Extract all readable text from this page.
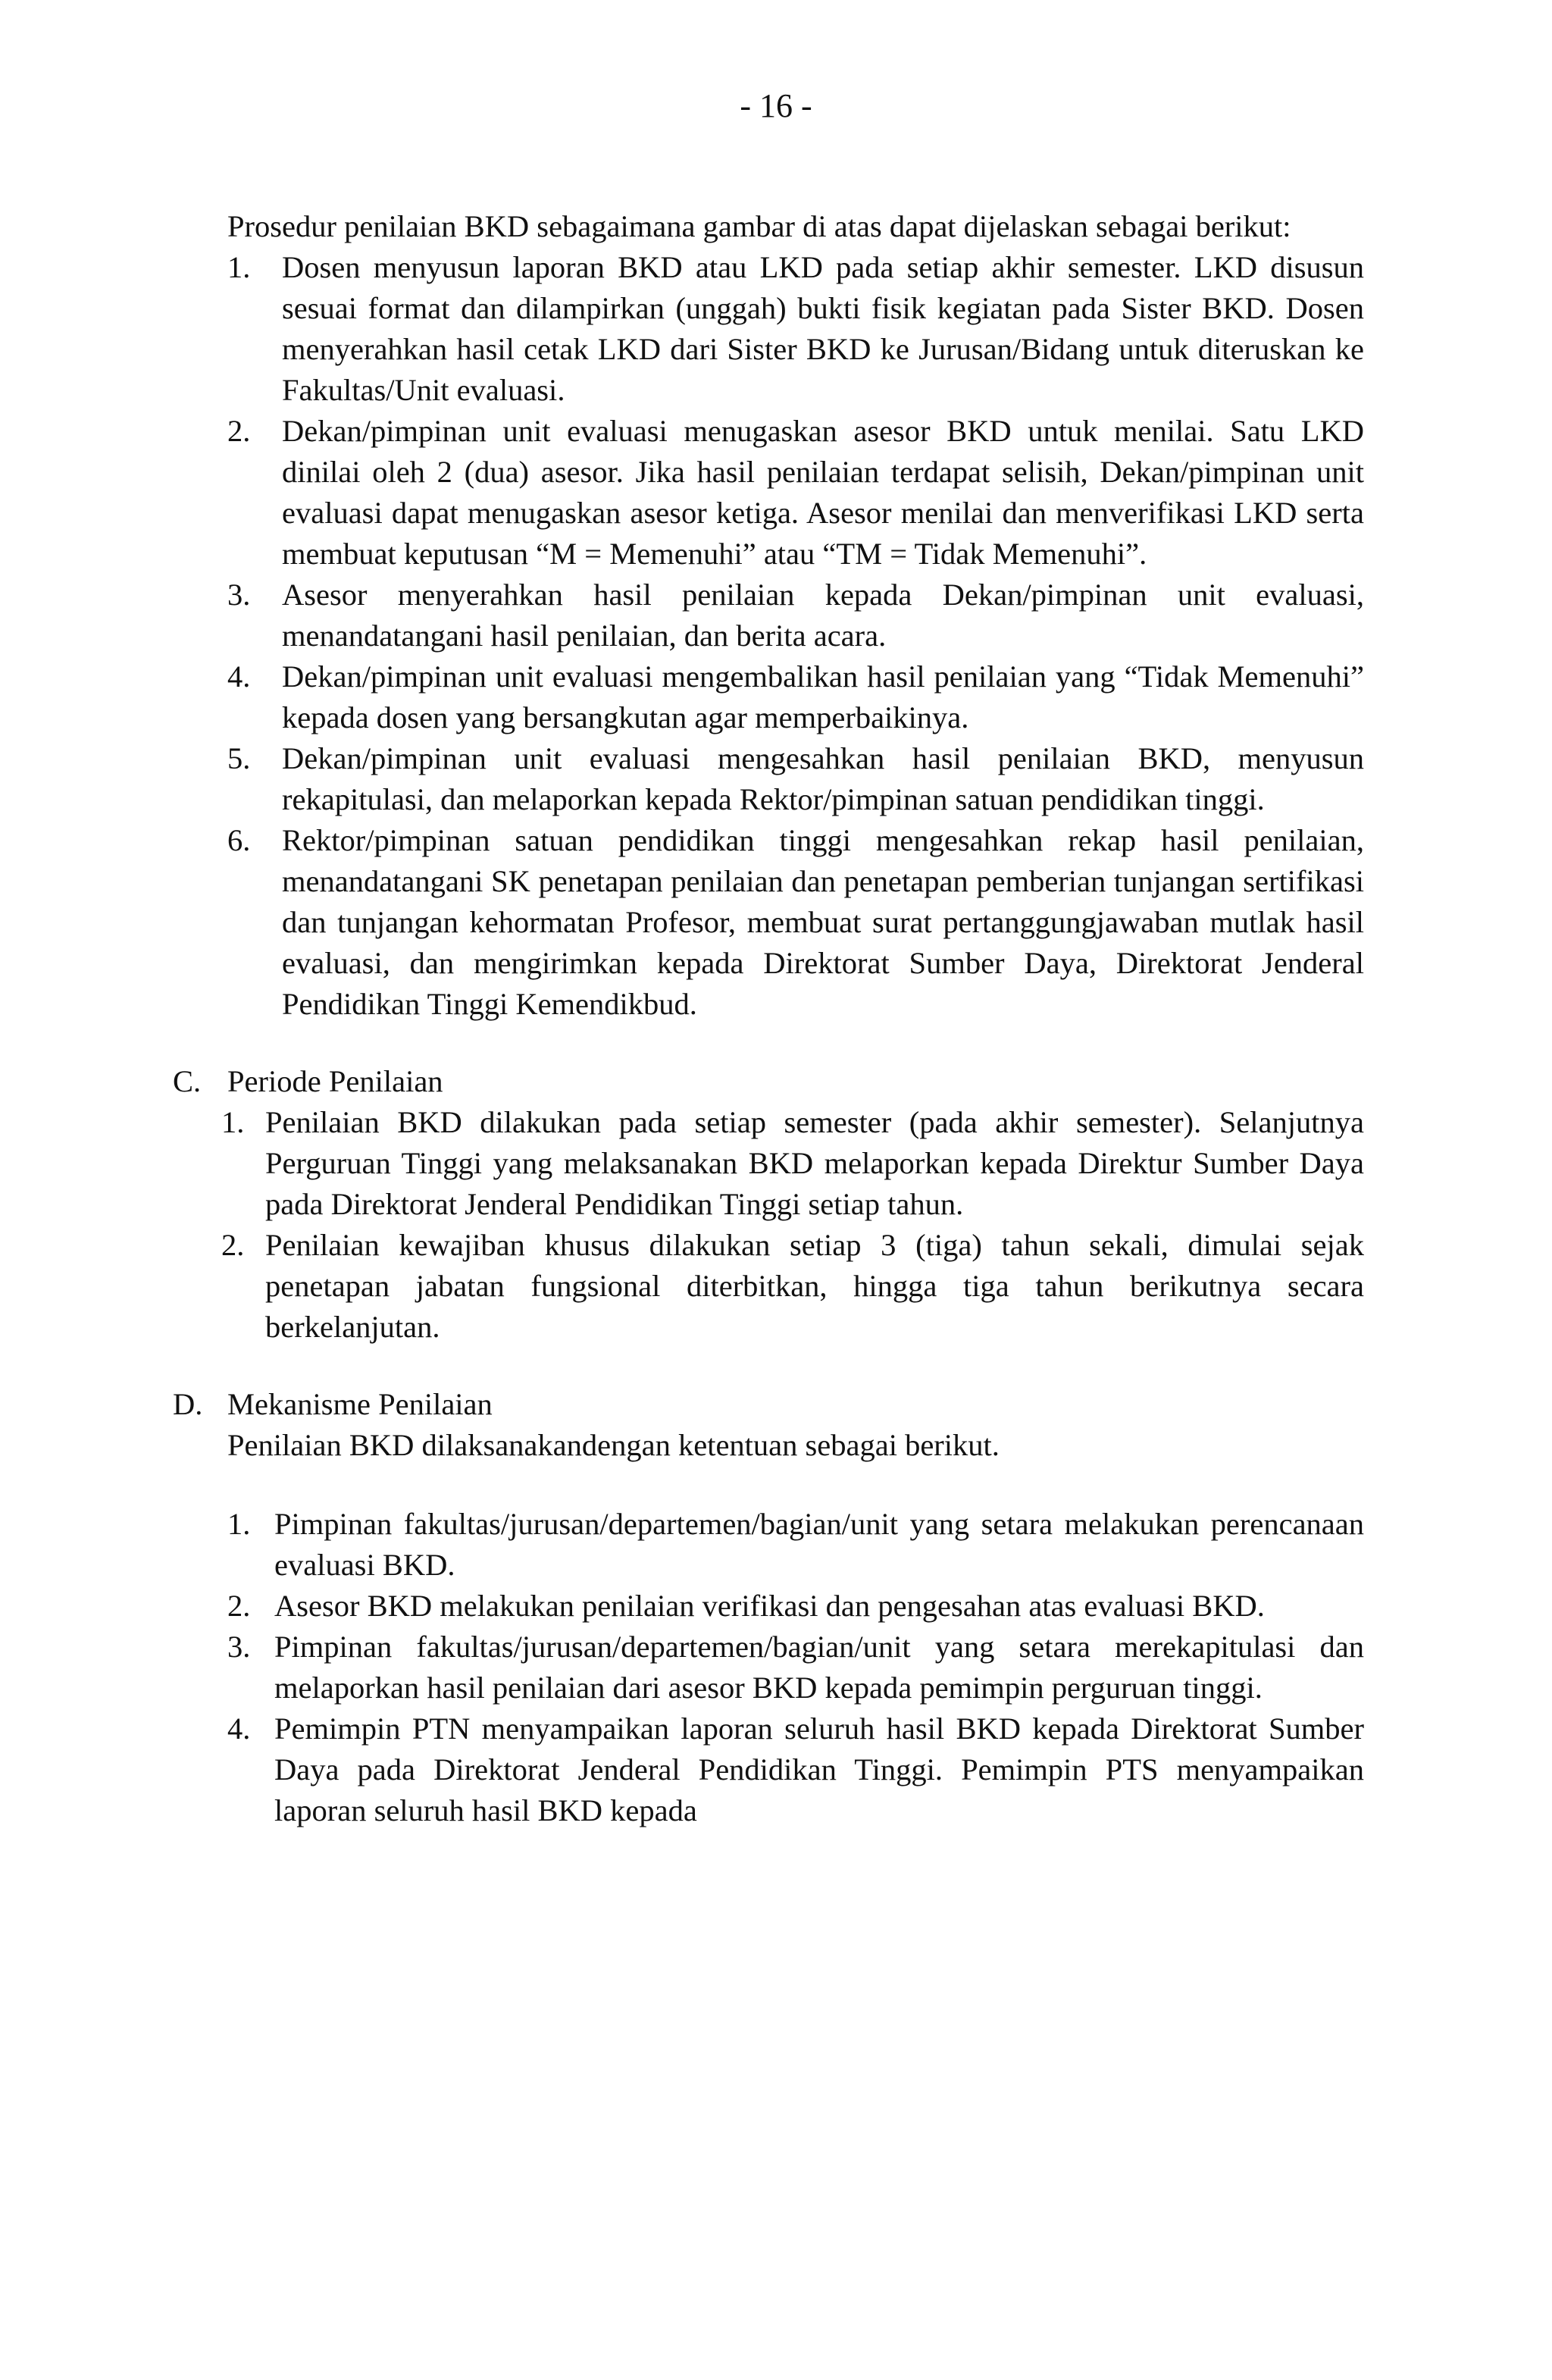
- 16 -

Prosedur penilaian BKD sebagaimana gambar di atas dapat dijelaskan sebagai berikut:

1. Dosen menyusun laporan BKD atau LKD pada setiap akhir semester. LKD disusun sesuai format dan dilampirkan (unggah) bukti fisik kegiatan pada Sister BKD. Dosen menyerahkan hasil cetak LKD dari Sister BKD ke Jurusan/Bidang untuk diteruskan ke Fakultas/Unit evaluasi.
2. Dekan/pimpinan unit evaluasi menugaskan asesor BKD untuk menilai. Satu LKD dinilai oleh 2 (dua) asesor. Jika hasil penilaian terdapat selisih, Dekan/pimpinan unit evaluasi dapat menugaskan asesor ketiga. Asesor menilai dan menverifikasi LKD serta membuat keputusan “M = Memenuhi” atau “TM = Tidak Memenuhi”.
3. Asesor menyerahkan hasil penilaian kepada Dekan/pimpinan unit evaluasi, menandatangani hasil penilaian, dan berita acara.
4. Dekan/pimpinan unit evaluasi mengembalikan hasil penilaian yang “Tidak Memenuhi” kepada dosen yang bersangkutan agar memperbaikinya.
5. Dekan/pimpinan unit evaluasi mengesahkan hasil penilaian BKD, menyusun rekapitulasi, dan melaporkan kepada Rektor/pimpinan satuan pendidikan tinggi.
6. Rektor/pimpinan satuan pendidikan tinggi mengesahkan rekap hasil penilaian, menandatangani SK penetapan penilaian dan penetapan pemberian tunjangan sertifikasi dan tunjangan kehormatan Profesor, membuat surat pertanggungjawaban mutlak hasil evaluasi, dan mengirimkan kepada Direktorat Sumber Daya, Direktorat Jenderal Pendidikan Tinggi Kemendikbud.

C. Periode Penilaian

1. Penilaian BKD dilakukan pada setiap semester (pada akhir semester). Selanjutnya Perguruan Tinggi yang melaksanakan BKD melaporkan kepada Direktur Sumber Daya pada Direktorat Jenderal Pendidikan Tinggi setiap tahun.
2. Penilaian kewajiban khusus dilakukan setiap 3 (tiga) tahun sekali, dimulai sejak penetapan jabatan fungsional diterbitkan, hingga tiga tahun berikutnya secara berkelanjutan.

D. Mekanisme Penilaian

Penilaian BKD dilaksanakandengan ketentuan sebagai berikut.

1. Pimpinan fakultas/jurusan/departemen/bagian/unit yang setara melakukan perencanaan evaluasi BKD.
2. Asesor BKD melakukan penilaian verifikasi dan pengesahan atas evaluasi BKD.
3. Pimpinan fakultas/jurusan/departemen/bagian/unit yang setara merekapitulasi dan melaporkan hasil penilaian dari asesor BKD kepada pemimpin perguruan tinggi.
4. Pemimpin PTN menyampaikan laporan seluruh hasil BKD kepada Direktorat Sumber Daya pada Direktorat Jenderal Pendidikan Tinggi. Pemimpin PTS menyampaikan laporan seluruh hasil BKD kepada
